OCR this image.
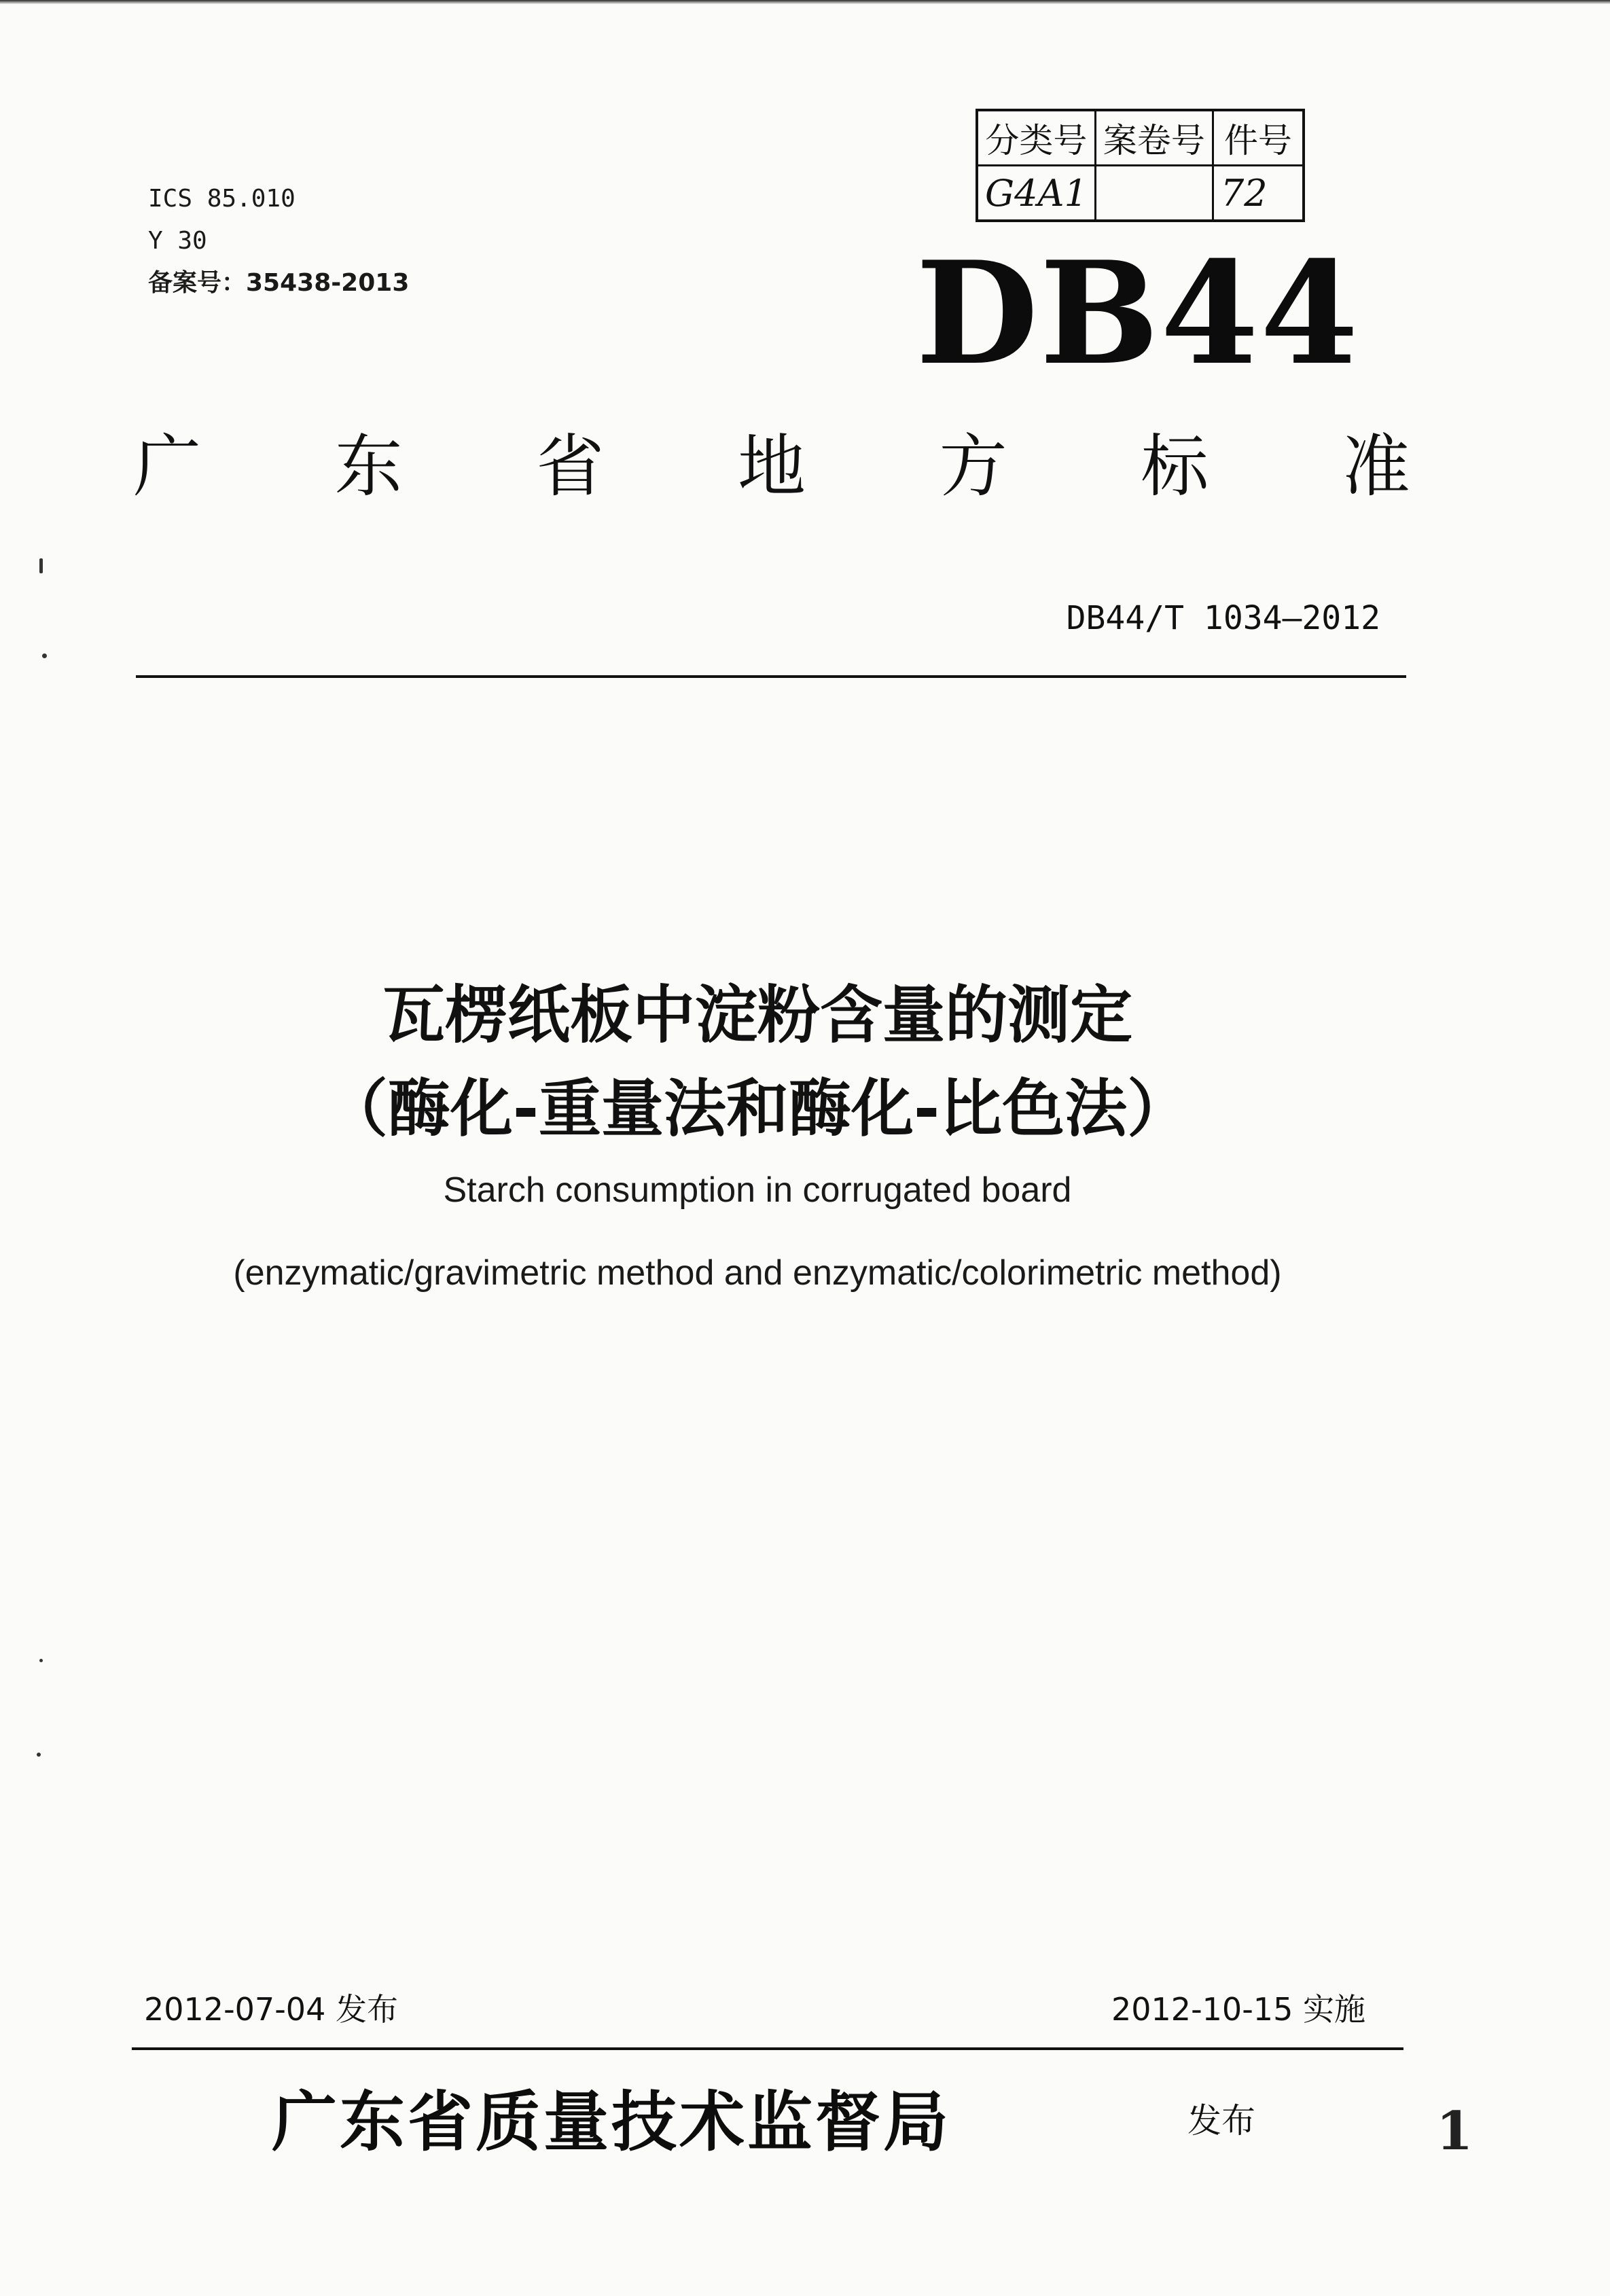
ICS 85.010
Y 30
备案号：35438-2013
分类号	案卷号	件号
G4A1		72
DB44
广 东 省 地 方 标 准
DB44/T 1034—2012
瓦楞纸板中淀粉含量的测定
（酶化-重量法和酶化-比色法）
Starch consumption in corrugated board
(enzymatic/gravimetric method and enzymatic/colorimetric method)
2012-07-04 发布	2012-10-15 实施
广东省质量技术监督局	发布	1
